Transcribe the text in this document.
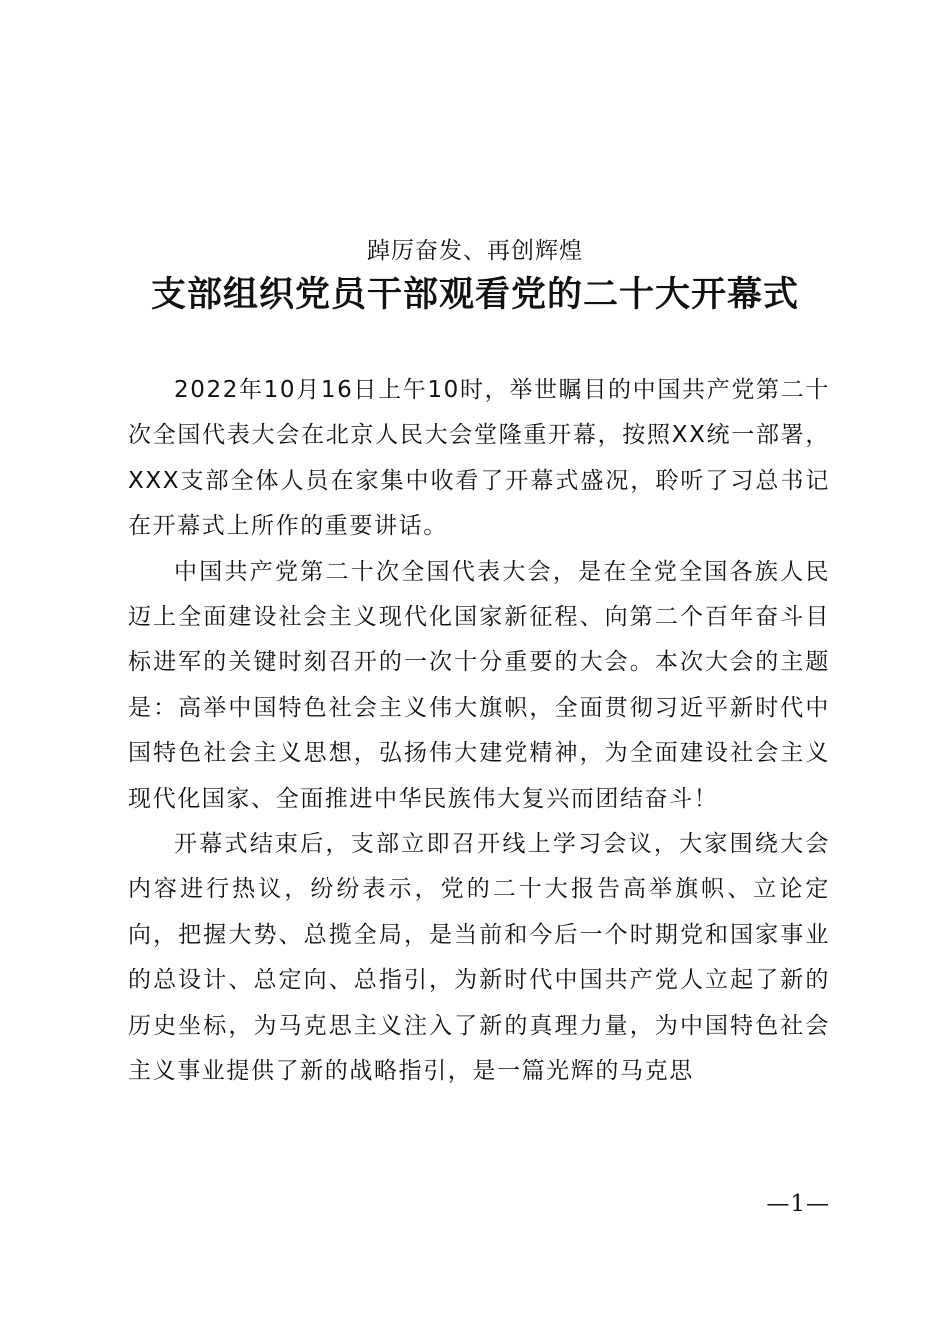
踔厉奋发、再创辉煌
支部组织党员干部观看党的二十大开幕式

2022年10月16日上午10时，举世瞩目的中国共产党第二十次全国代表大会在北京人民大会堂隆重开幕，按照XX统一部署，XXX支部全体人员在家集中收看了开幕式盛况，聆听了习总书记在开幕式上所作的重要讲话。

中国共产党第二十次全国代表大会，是在全党全国各族人民迈上全面建设社会主义现代化国家新征程、向第二个百年奋斗目标进军的关键时刻召开的一次十分重要的大会。本次大会的主题是：高举中国特色社会主义伟大旗帜，全面贯彻习近平新时代中国特色社会主义思想，弘扬伟大建党精神，为全面建设社会主义现代化国家、全面推进中华民族伟大复兴而团结奋斗！

开幕式结束后，支部立即召开线上学习会议，大家围绕大会内容进行热议，纷纷表示，党的二十大报告高举旗帜、立论定向，把握大势、总揽全局，是当前和今后一个时期党和国家事业的总设计、总定向、总指引，为新时代中国共产党人立起了新的历史坐标，为马克思主义注入了新的真理力量，为中国特色社会主义事业提供了新的战略指引，是一篇光辉的马克思

—1—
